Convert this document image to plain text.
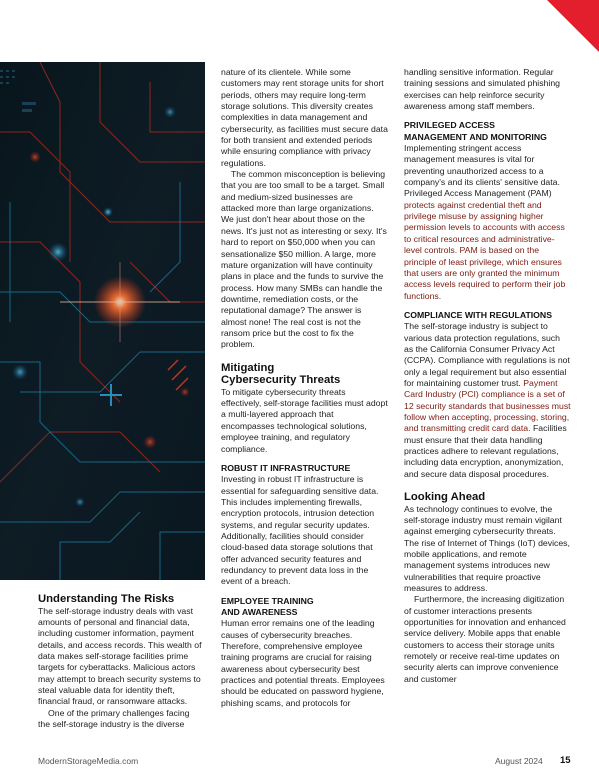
Understanding The Risks

The self-storage industry deals with vast amounts of personal and financial data, including customer information, payment details, and access records. This wealth of data makes self-storage facilities prime targets for cyberattacks. Malicious actors may attempt to breach security systems to steal valuable data for identity theft, financial fraud, or ransomware attacks.

One of the primary challenges facing the self-storage industry is the diverse

nature of its clientele. While some customers may rent storage units for short periods, others may require long-term storage solutions. This diversity creates complexities in data management and cybersecurity, as facilities must secure data for both transient and extended periods while ensuring compliance with privacy regulations.

The common misconception is believing that you are too small to be a target. Small and medium-sized businesses are attacked more than large organizations. We just don't hear about those on the news. It's just not as interesting or sexy. It's hard to report on $50,000 when you can sensationalize $50 million. A large, more mature organization will have continuity plans in place and the funds to survive the process. How many SMBs can handle the downtime, remediation costs, or the reputational damage? The answer is almost none! The real cost is not the ransom price but the cost to fix the problem.

Mitigating
Cybersecurity Threats

To mitigate cybersecurity threats effectively, self-storage facilities must adopt a multi-layered approach that encompasses technological solutions, employee training, and regulatory compliance.

ROBUST IT INFRASTRUCTURE

Investing in robust IT infrastructure is essential for safeguarding sensitive data. This includes implementing firewalls, encryption protocols, intrusion detection systems, and regular security updates. Additionally, facilities should consider cloud-based data storage solutions that offer advanced security features and redundancy to prevent data loss in the event of a breach.

EMPLOYEE TRAINING
AND AWARENESS

Human error remains one of the leading causes of cybersecurity breaches. Therefore, comprehensive employee training programs are crucial for raising awareness about cybersecurity best practices and potential threats. Employees should be educated on password hygiene, phishing scams, and protocols for

handling sensitive information. Regular training sessions and simulated phishing exercises can help reinforce security awareness among staff members.

PRIVILEGED ACCESS
MANAGEMENT AND MONITORING

Implementing stringent access management measures is vital for preventing unauthorized access to a company's and its clients' sensitive data. Privileged Access Management (PAM) protects against credential theft and privilege misuse by assigning higher permission levels to accounts with access to critical resources and administrative-level controls. PAM is based on the principle of least privilege, which ensures that users are only granted the minimum access levels required to perform their job functions.

COMPLIANCE WITH REGULATIONS

The self-storage industry is subject to various data protection regulations, such as the California Consumer Privacy Act (CCPA). Compliance with regulations is not only a legal requirement but also essential for maintaining customer trust. Payment Card Industry (PCI) compliance is a set of 12 security standards that businesses must follow when accepting, processing, storing, and transmitting credit card data. Facilities must ensure that their data handling practices adhere to relevant regulations, including data encryption, anonymization, and secure data disposal procedures.

Looking Ahead

As technology continues to evolve, the self-storage industry must remain vigilant against emerging cybersecurity threats. The rise of Internet of Things (IoT) devices, mobile applications, and remote management systems introduces new vulnerabilities that require proactive measures to address.

Furthermore, the increasing digitization of customer interactions presents opportunities for innovation and enhanced service delivery. Mobile apps that enable customers to access their storage units remotely or receive real-time updates on security alerts can improve convenience and customer

ModernStorageMedia.com	August 2024 15
